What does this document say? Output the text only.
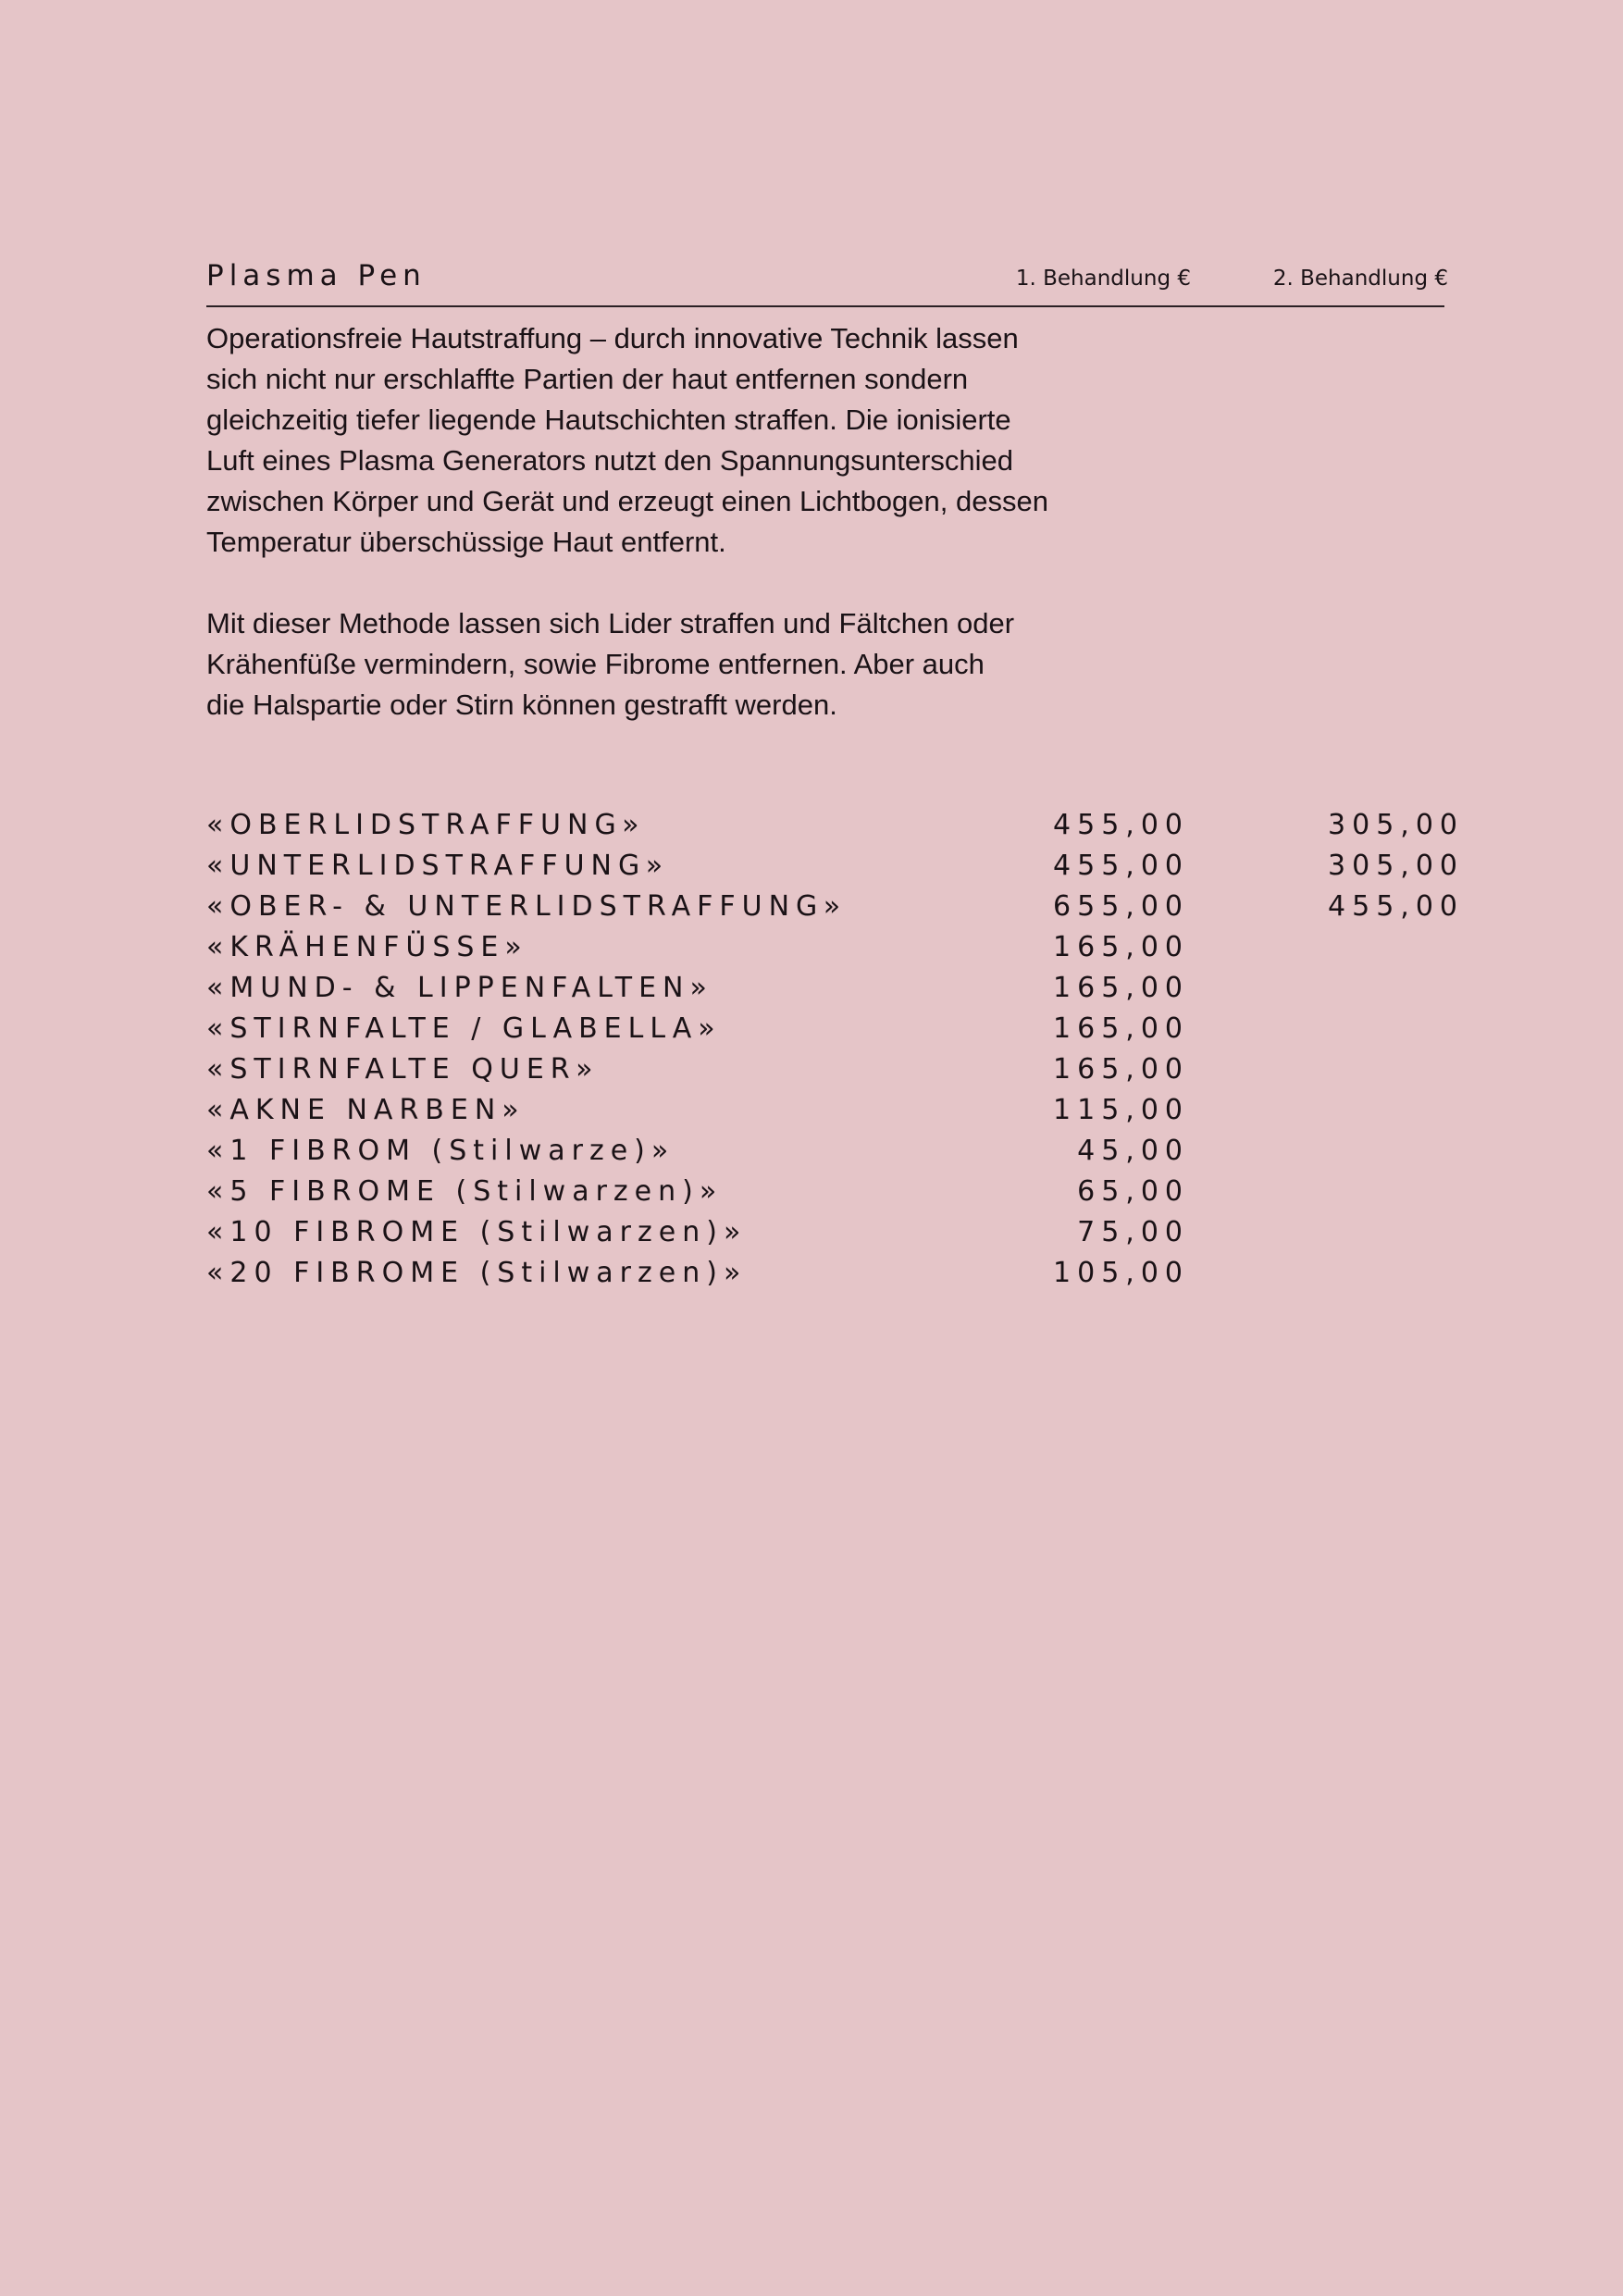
Plasma Pen	1. Behandlung €	2. Behandlung €
Operationsfreie Hautstraffung – durch innovative Technik lassen
sich nicht nur erschlaffte Partien der haut entfernen sondern
gleichzeitig tiefer liegende Hautschichten straffen. Die ionisierte
Luft eines Plasma Generators nutzt den Spannungsunterschied
zwischen Körper und Gerät und erzeugt einen Lichtbogen, dessen
Temperatur überschüssige Haut entfernt.
Mit dieser Methode lassen sich Lider straffen und Fältchen oder
Krähenfüße vermindern, sowie Fibrome entfernen. Aber auch
die Halspartie oder Stirn können gestrafft werden.
«OBERLIDSTRAFFUNG»	455,00	305,00
«UNTERLIDSTRAFFUNG»	455,00	305,00
«OBER- & UNTERLIDSTRAFFUNG»	655,00	455,00
«KRÄHENFÜSSE»	165,00
«MUND- & LIPPENFALTEN»	165,00
«STIRNFALTE / GLABELLA»	165,00
«STIRNFALTE QUER»	165,00
«AKNE NARBEN»	115,00
«1 FIBROM (Stilwarze)»	45,00
«5 FIBROME (Stilwarzen)»	65,00
«10 FIBROME (Stilwarzen)»	75,00
«20 FIBROME (Stilwarzen)»	105,00
